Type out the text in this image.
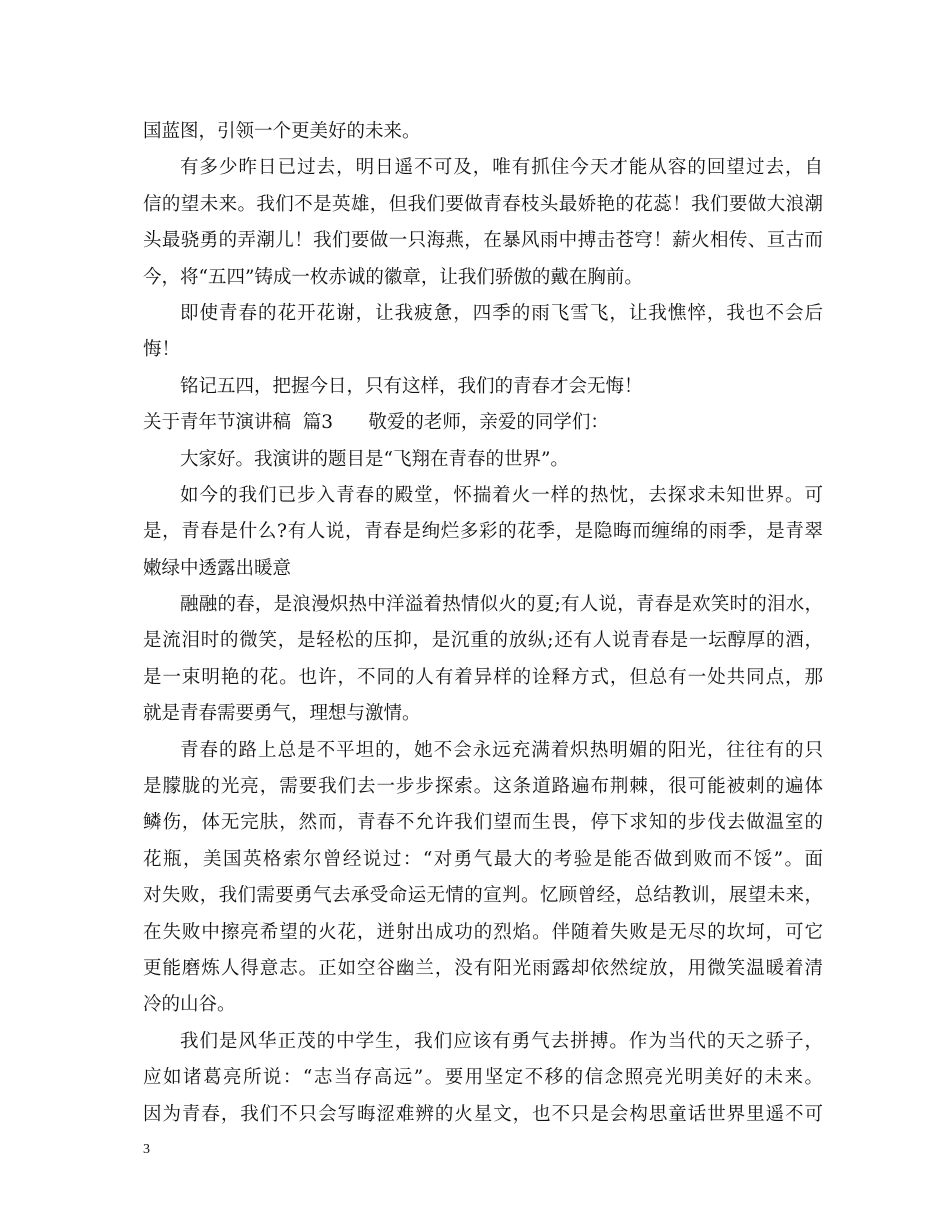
国蓝图，引领一个更美好的未来。
有多少昨日已过去，明日遥不可及，唯有抓住今天才能从容的回望过去，自
信的望未来。我们不是英雄，但我们要做青春枝头最娇艳的花蕊！我们要做大浪潮
头最骁勇的弄潮儿！我们要做一只海燕，在暴风雨中搏击苍穹！薪火相传、亘古而
今，将“五四”铸成一枚赤诚的徽章，让我们骄傲的戴在胸前。
即使青春的花开花谢，让我疲惫，四季的雨飞雪飞，让我憔悴，我也不会后
悔！
铭记五四，把握今日，只有这样，我们的青春才会无悔！
关于青年节演讲稿  篇3      敬爱的老师，亲爱的同学们：
大家好。我演讲的题目是“飞翔在青春的世界”。
如今的我们已步入青春的殿堂，怀揣着火一样的热忱，去探求未知世界。可
是，青春是什么?有人说，青春是绚烂多彩的花季，是隐晦而缠绵的雨季，是青翠
嫩绿中透露出暖意
融融的春，是浪漫炽热中洋溢着热情似火的夏;有人说，青春是欢笑时的泪水，
是流泪时的微笑，是轻松的压抑，是沉重的放纵;还有人说青春是一坛醇厚的酒，
是一束明艳的花。也许，不同的人有着异样的诠释方式，但总有一处共同点，那
就是青春需要勇气，理想与激情。
青春的路上总是不平坦的，她不会永远充满着炽热明媚的阳光，往往有的只
是朦胧的光亮，需要我们去一步步探索。这条道路遍布荆棘，很可能被刺的遍体
鳞伤，体无完肤，然而，青春不允许我们望而生畏，停下求知的步伐去做温室的
花瓶，美国英格索尔曾经说过：“对勇气最大的考验是能否做到败而不馁”。面
对失败，我们需要勇气去承受命运无情的宣判。忆顾曾经，总结教训，展望未来，
在失败中擦亮希望的火花，迸射出成功的烈焰。伴随着失败是无尽的坎坷，可它
更能磨炼人得意志。正如空谷幽兰，没有阳光雨露却依然绽放，用微笑温暖着清
冷的山谷。
我们是风华正茂的中学生，我们应该有勇气去拼搏。作为当代的天之骄子，
应如诸葛亮所说：“志当存高远”。要用坚定不移的信念照亮光明美好的未来。
因为青春，我们不只会写晦涩难辨的火星文，也不只是会构思童话世界里遥不可
3
